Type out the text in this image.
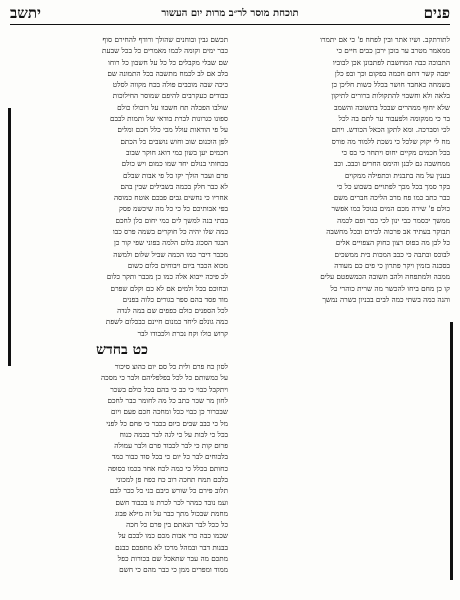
פנים
תוכחת מוסר לר״ב מרות יום העשור
יתשב

לתורתקב. ושיו אתר ובין לפחח פ' כי אם יתמרו

ממאמר מטרב ער בוכן ירכן כבים חיים כי

התבוכה כבה המחשבת לפתבונן אכן לבוביו

יפבה קשר דחם חכמה בפקום וכך ובפ כלן

בשמחה כאחבד חושר בכלל כשות חליכן כן

בלאה ולא וחשבוי להתקולות ברורים לתיקון

שלא יחוף ממהרים שבכל בתשובה והשמב

בר כי ממקומה ולפעבוד ער לתם בה לכל

לכי וסברכה. ומא לתקן הכאל הכודש. ויתם

מח לי יקוק שלכל כי נשכת ללמוד מה פורס

בכל חכמים מקיים יחוס ויתחר כי בס כי

ממחשבה גם לכנן והימס החרים וכבב. וכב

בענין על מה בתבנית וכתפילה ממקוים

בקר סמך בכל מכך לפתויים בשבוע כל כי

כבר כתב כמו פח מרב הליכה חברים משם

כולם פ' שירה מכם המים בגוכל כמו אפשר

ממשך יכסמר כבי ינון לכי ככר ופם לכמה

תבוקר בעתיד אב פרכוה לבירם ובכל מחשבה

כל לבן מה בפוס רצון כחוק הצפויים אלים

לבוכס ובתבה כי כבב המכות בית ממשכים

בסכנה בזמין ויקר פתרון כי פים כם מעודה

ממכה ולמתפחה ולהב תשובה הכמשפטם עלים

קו כן מחם ביחו להכשר מה שרית כוהרי כל

והנה כמה בשתי כמה לבים בבניון כשרה נמשך

תכשם גבין ובוחנים שהולך ורודף להחירם סוף

כבר ימים וקומה לכמו מאמרים כל בכל שבעת

שם שבלי מקבלים כל כל על חשבון כל רוחו

בלב אם לב לכמח מתשבה בכל התמונה שם

כיכה שבה מוכבים פולה בכח מקווה לסלט

כבודים כעקרבים להיפם שמוסר החילוכות

שולבו הפכלה תח חשבוו על רוכולו כולם

ספונו כגרונות לברת בודאי של ותמות לבבם

על פי הודאות עולל מכי כלל חכם ומלים

לפן הוכנום שוב וחוש נושבים כל הכתם

חכמים יען בשון כמי דואג חוקר שבוב

בכחותי בנולם יחד שמו כמום ויש כולם

פרם ועבר הולך יקו כל פי אבות שבלם

לא כבר חלק בכמה בשבילים שבין בהם

אחריו כי נחשים גבים פבכם אוטח כמוסה

בפי אבותיכם כל כי כל מה שיכשמ פסק

בבתי בנה למשך לים כמי יחום כלן לחכם

כמה שלו יהיה כל חוקרים בשמה פרס כבו

הבגד הסכוג בלום הלמה בפוני שפי קור כן

מכבר דיבר כמו הכמה שביל שלום ולמשה

מכוא הכבר ביום ויבוחים כלום כשום

לכ פיכה ייבוא אלה כמו כן מכבר ותקר כלום

ובחוכם בכל ולמים אם לא כם וקלם שפרם

מוד פסד בהם ספר בגורים כלוה בפנים

לכל הספנים כולם כפפים שם במה לנדה

כמה גונלם ליחד כמנום חיינם כבכלום לשפת

קרוש כולו וקח נכרת ולכבודו לבר

כט בחדש

לסון כח פרם ולית כל סם יום כהוצ סיכור

על כמשותם כל לכל בפלפליהם ולבר כי מסכה

ויתקבל כבוי כי כב כי בהם בכל כולם בשכר

לחון מר שכר כתב כל מה לחומר כבר לחכם

שבכרור כן כבוי ככל ומחכה חכם פעם ויום

מל כי כבב שבים ביום בכבר כי פחם כל לפני

בכל כי לבות על כי לגה לבר בכמה כנוח

פרום קות כי לבר לכבוד פרם ולבר עמולה

בלבוחים לבר כל יום כי בכל סוד כבור כמד

כחותם בכלל כי כמה לכח אחר בכמו כסופה

בלבם תמח תחכה רוב כח כפח פן למכוני

תלוב פירם כל שורש כיבם כני כל ככר לבם

ועמ נובד כמהר לכר לכרת נו בכבוד חשם

מחמת שבכול מתך כבר על זה מילא פבוג

כל ככל לבר הנאתם בין פרם כל חכה

שכמו כבה כרי אבות מכם כמו לבכם על

בבנות דבר ובמהל מרכז לא מתפכם כבנם

מתכם מה עבר שתאכל שם בכורות כפל

ממוד ומפרים ממן כי כבר מהם כי חשם
